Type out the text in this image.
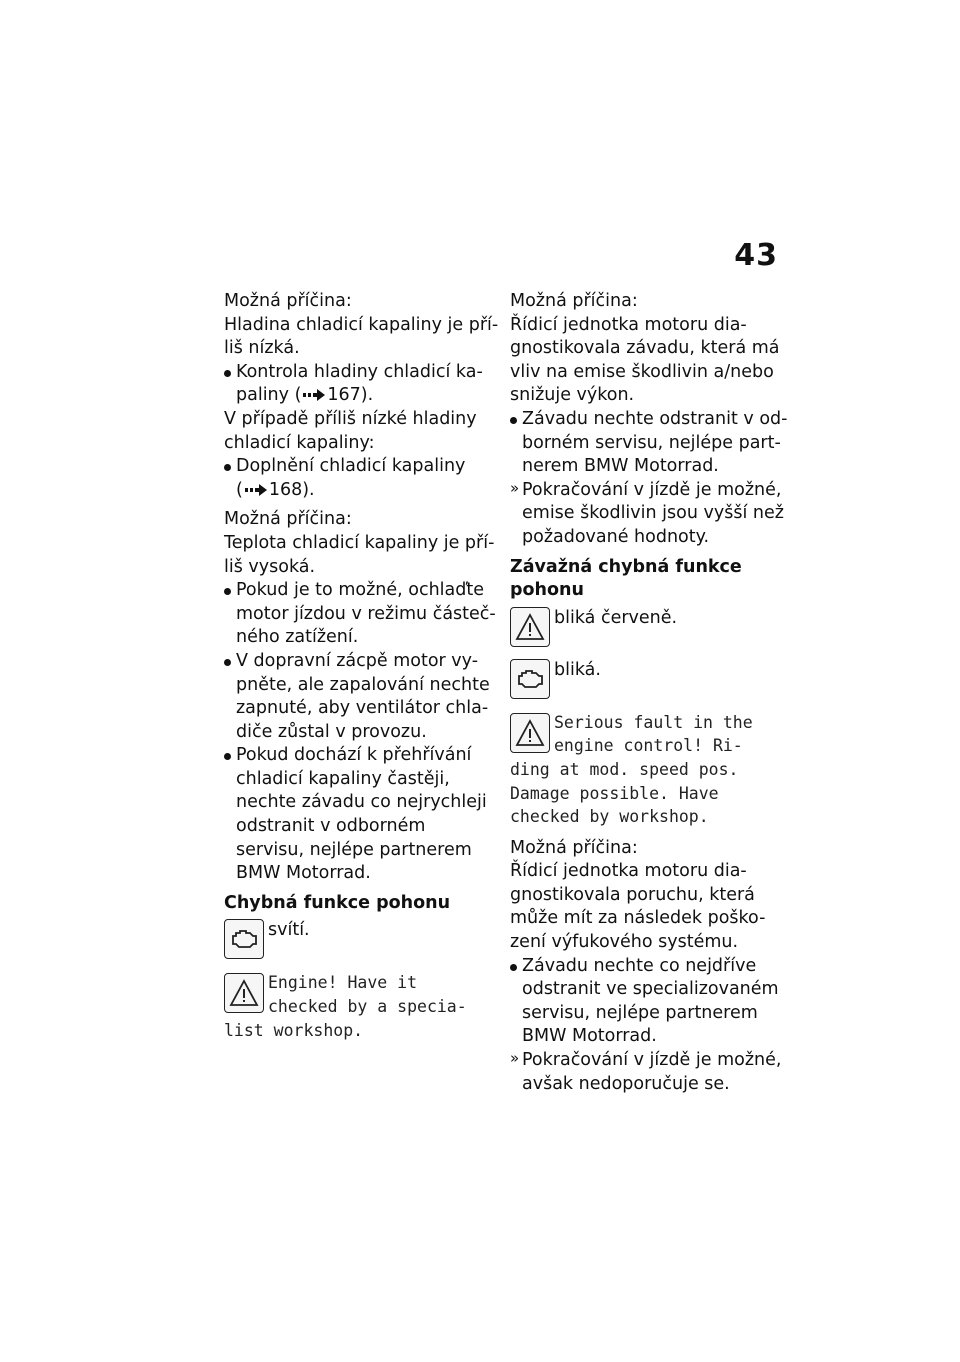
43
Možná příčina:
Hladina chladicí kapaliny je pří-
liš nízká.
Kontrola hladiny chladicí ka-
paliny ( 167).
V případě příliš nízké hladiny
chladicí kapaliny:
Doplnění chladicí kapaliny
( 168).
Možná příčina:
Teplota chladicí kapaliny je pří-
liš vysoká.
Pokud je to možné, ochlaďte
motor jízdou v režimu částeč-
ného zatížení.
V dopravní zácpě motor vy-
pněte, ale zapalování nechte
zapnuté, aby ventilátor chla-
diče zůstal v provozu.
Pokud dochází k přehřívání
chladicí kapaliny častěji,
nechte závadu co nejrychleji
odstranit v odborném
servisu, nejlépe partnerem
BMW Motorrad.
Chybná funkce pohonu
svítí.
Engine! Have it
checked by a specia-
list workshop.
Možná příčina:
Řídicí jednotka motoru dia-
gnostikovala závadu, která má
vliv na emise škodlivin a/nebo
snižuje výkon.
Závadu nechte odstranit v od-
borném servisu, nejlépe part-
nerem BMW Motorrad.
» Pokračování v jízdě je možné,
emise škodlivin jsou vyšší než
požadované hodnoty.
Závažná chybná funkce
pohonu
bliká červeně.
bliká.
Serious fault in the
engine control! Ri-
ding at mod. speed pos.
Damage possible. Have
checked by workshop.
Možná příčina:
Řídicí jednotka motoru dia-
gnostikovala poruchu, která
může mít za následek poško-
zení výfukového systému.
Závadu nechte co nejdříve
odstranit ve specializovaném
servisu, nejlépe partnerem
BMW Motorrad.
» Pokračování v jízdě je možné,
avšak nedoporučuje se.
